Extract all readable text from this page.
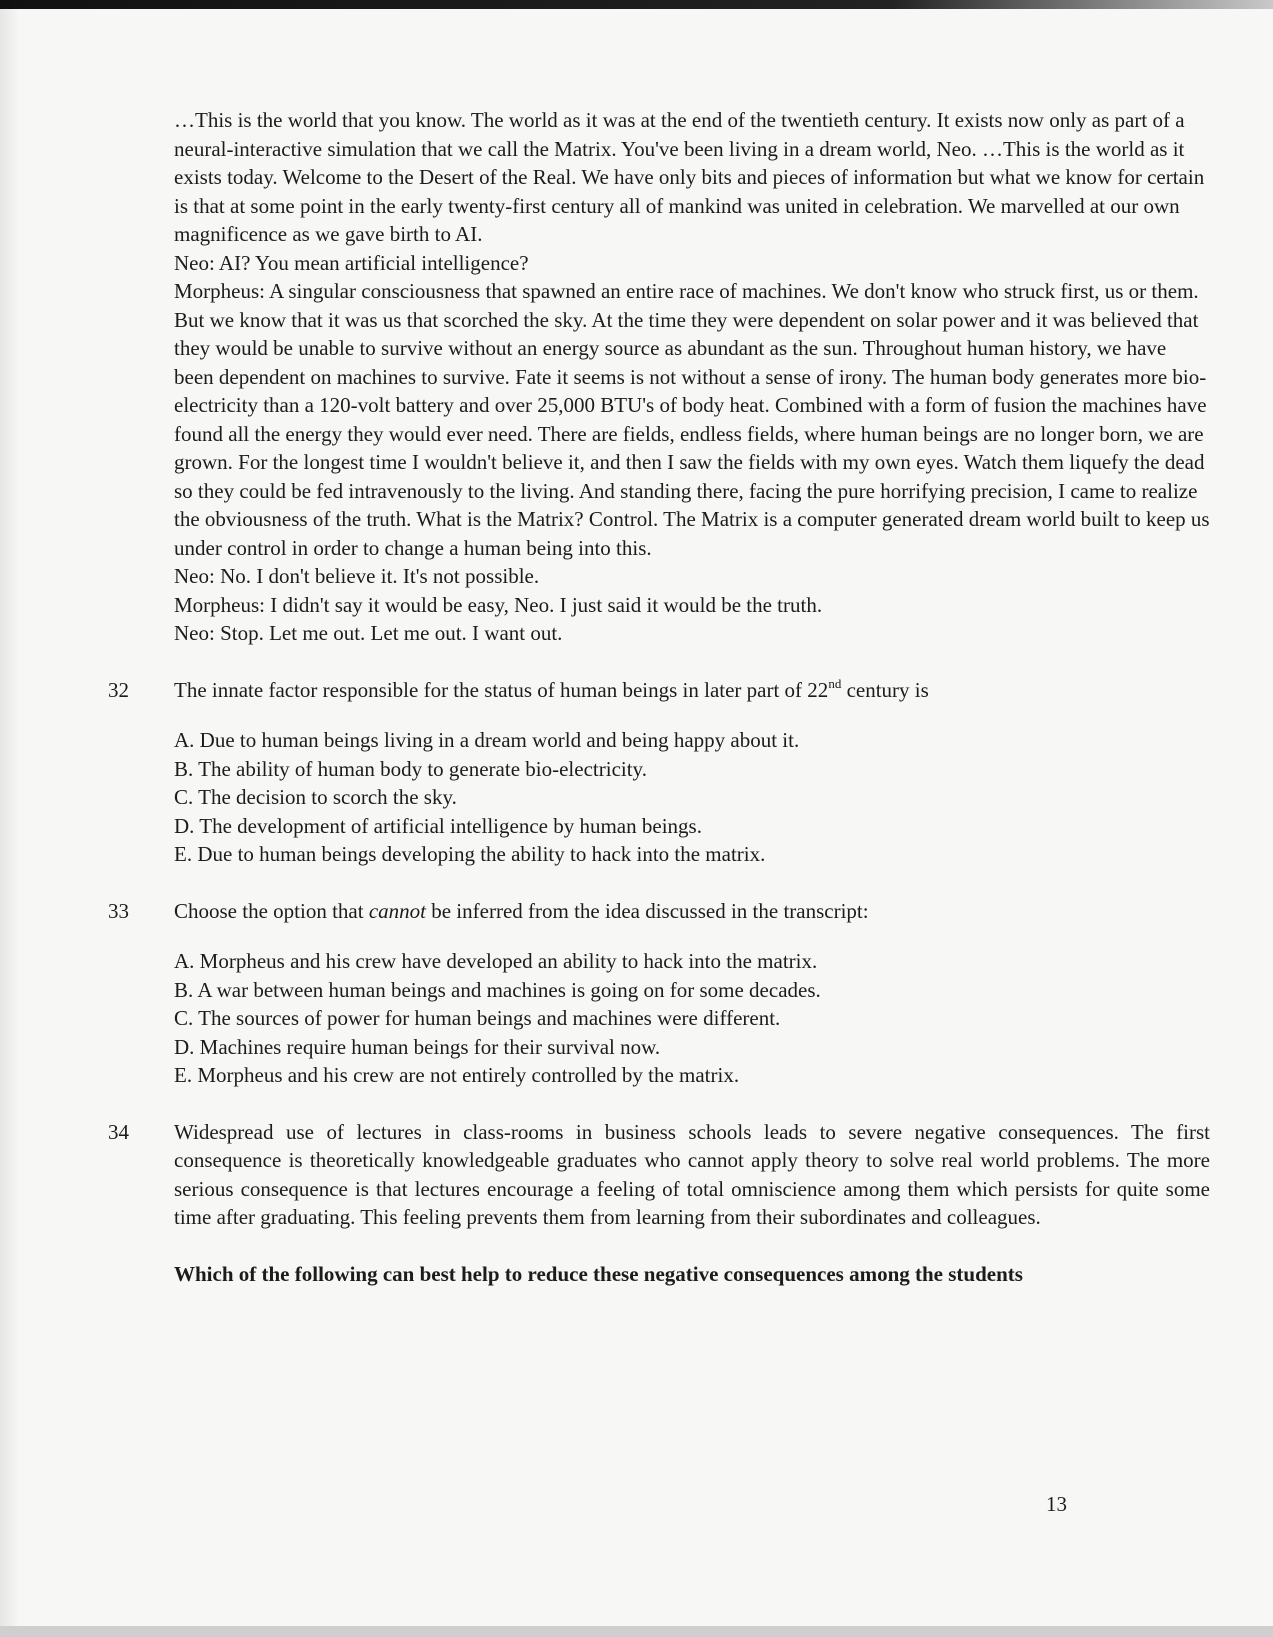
…This is the world that you know. The world as it was at the end of the twentieth century. It exists now only as part of a neural-interactive simulation that we call the Matrix. You've been living in a dream world, Neo. …This is the world as it exists today. Welcome to the Desert of the Real. We have only bits and pieces of information but what we know for certain is that at some point in the early twenty-first century all of mankind was united in celebration. We marvelled at our own magnificence as we gave birth to AI.

Neo: AI? You mean artificial intelligence?

Morpheus: A singular consciousness that spawned an entire race of machines. We don't know who struck first, us or them. But we know that it was us that scorched the sky. At the time they were dependent on solar power and it was believed that they would be unable to survive without an energy source as abundant as the sun. Throughout human history, we have been dependent on machines to survive. Fate it seems is not without a sense of irony. The human body generates more bio-electricity than a 120-volt battery and over 25,000 BTU's of body heat. Combined with a form of fusion the machines have found all the energy they would ever need. There are fields, endless fields, where human beings are no longer born, we are grown. For the longest time I wouldn't believe it, and then I saw the fields with my own eyes. Watch them liquefy the dead so they could be fed intravenously to the living. And standing there, facing the pure horrifying precision, I came to realize the obviousness of the truth. What is the Matrix? Control. The Matrix is a computer generated dream world built to keep us under control in order to change a human being into this.

Neo: No. I don't believe it. It's not possible.

Morpheus: I didn't say it would be easy, Neo. I just said it would be the truth.

Neo: Stop. Let me out. Let me out. I want out.

32 The innate factor responsible for the status of human beings in later part of 22nd century is

A. Due to human beings living in a dream world and being happy about it.
B. The ability of human body to generate bio-electricity.
C. The decision to scorch the sky.
D. The development of artificial intelligence by human beings.
E. Due to human beings developing the ability to hack into the matrix.
33 Choose the option that cannot be inferred from the idea discussed in the transcript:

A. Morpheus and his crew have developed an ability to hack into the matrix.
B. A war between human beings and machines is going on for some decades.
C. The sources of power for human beings and machines were different.
D. Machines require human beings for their survival now.
E. Morpheus and his crew are not entirely controlled by the matrix.
34 Widespread use of lectures in class-rooms in business schools leads to severe negative consequences. The first consequence is theoretically knowledgeable graduates who cannot apply theory to solve real world problems. The more serious consequence is that lectures encourage a feeling of total omniscience among them which persists for quite some time after graduating. This feeling prevents them from learning from their subordinates and colleagues.

Which of the following can best help to reduce these negative consequences among the students

13
